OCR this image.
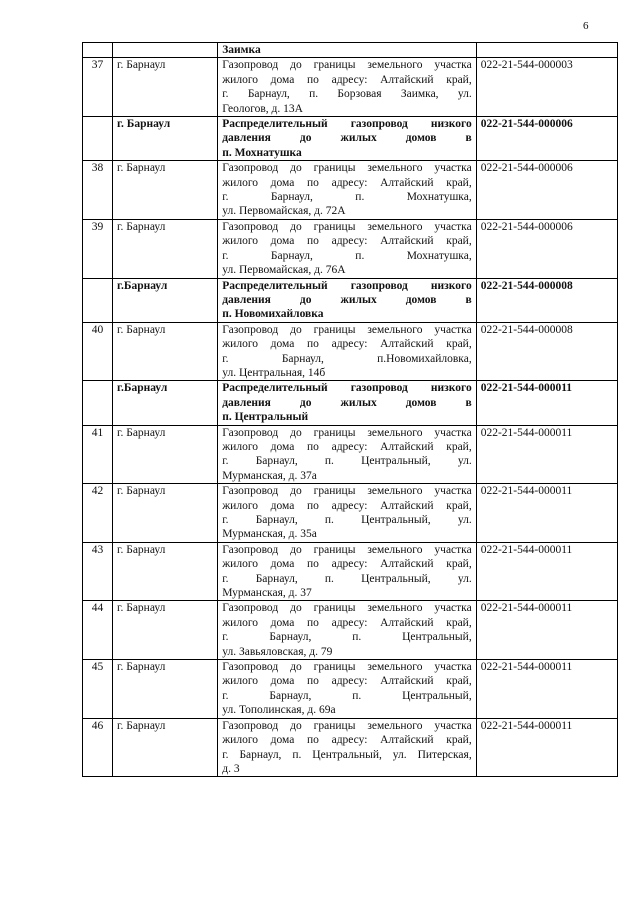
6

		Заимка	

37	г. Барнаул	Газопровод до границы земельного участка
жилого дома по адресу: Алтайский край,
г. Барнаул, п. Борзовая Заимка, ул.
Геологов, д. 13А	022-21-544-000003
	г. Барнаул	Распределительный газопровод низкого
давления до жилых домов в
п. Мохнатушка	022-21-544-000006
38	г. Барнаул	Газопровод до границы земельного участка
жилого дома по адресу: Алтайский край,
г. Барнаул, п. Мохнатушка,
ул. Первомайская, д. 72А	022-21-544-000006
39	г. Барнаул	Газопровод до границы земельного участка
жилого дома по адресу: Алтайский край,
г. Барнаул, п. Мохнатушка,
ул. Первомайская, д. 76А	022-21-544-000006
	г.Барнаул	Распределительный газопровод низкого
давления до жилых домов в
п. Новомихайловка	022-21-544-000008
40	г. Барнаул	Газопровод до границы земельного участка
жилого дома по адресу: Алтайский край,
г. Барнаул, п.Новомихайловка,
ул. Центральная, 14б	022-21-544-000008
	г.Барнаул	Распределительный газопровод низкого
давления до жилых домов в
п. Центральный	022-21-544-000011
41	г. Барнаул	Газопровод до границы земельного участка
жилого дома по адресу: Алтайский край,
г. Барнаул, п. Центральный, ул.
Мурманская, д. 37а	022-21-544-000011
42	г. Барнаул	Газопровод до границы земельного участка
жилого дома по адресу: Алтайский край,
г. Барнаул, п. Центральный, ул.
Мурманская, д. 35а	022-21-544-000011
43	г. Барнаул	Газопровод до границы земельного участка
жилого дома по адресу: Алтайский край,
г. Барнаул, п. Центральный, ул.
Мурманская, д. 37	022-21-544-000011
44	г. Барнаул	Газопровод до границы земельного участка
жилого дома по адресу: Алтайский край,
г. Барнаул, п. Центральный,
ул. Завьяловская, д. 79	022-21-544-000011
45	г. Барнаул	Газопровод до границы земельного участка
жилого дома по адресу: Алтайский край,
г. Барнаул, п. Центральный,
ул. Тополинская, д. 69а	022-21-544-000011
46	г. Барнаул	Газопровод до границы земельного участка
жилого дома по адресу: Алтайский край,
г. Барнаул, п. Центральный, ул. Питерская,
д. 3	022-21-544-000011
